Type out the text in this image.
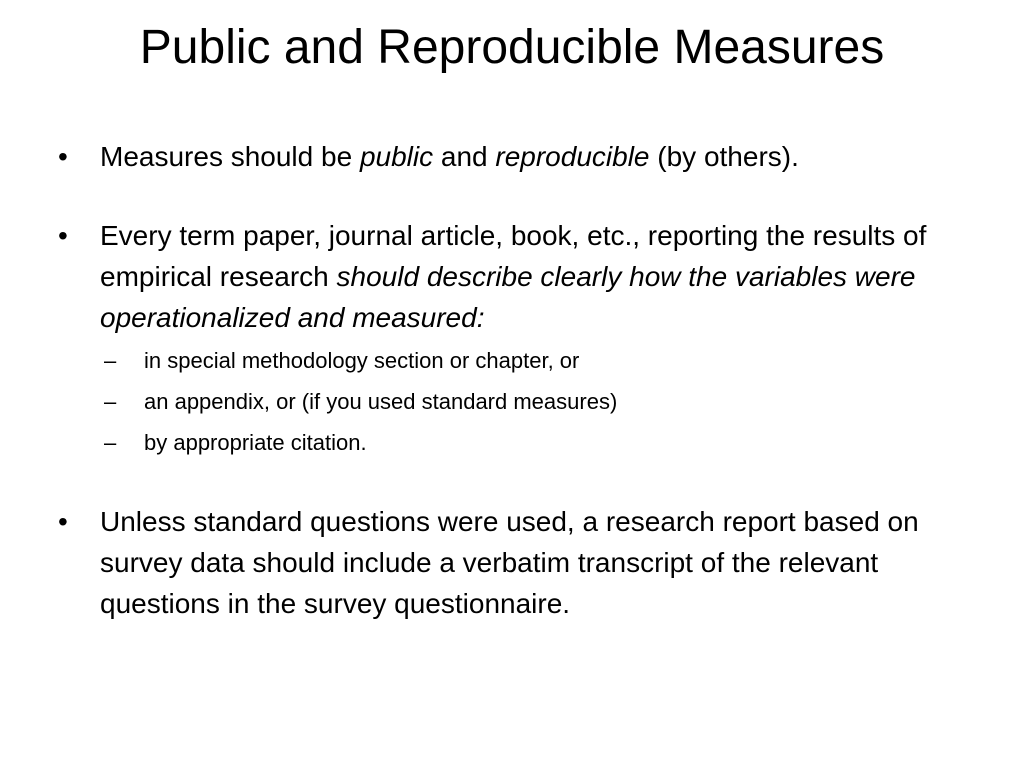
Public and Reproducible Measures
• Measures should be public and reproducible (by others).
• Every term paper, journal article, book, etc., reporting the results of empirical research should describe clearly how the variables were operationalized and measured:
– in special methodology section or chapter, or
– an appendix, or (if you used standard measures)
– by appropriate citation.
• Unless standard questions were used, a research report based on survey data should include a verbatim transcript of the relevant questions in the survey questionnaire.
